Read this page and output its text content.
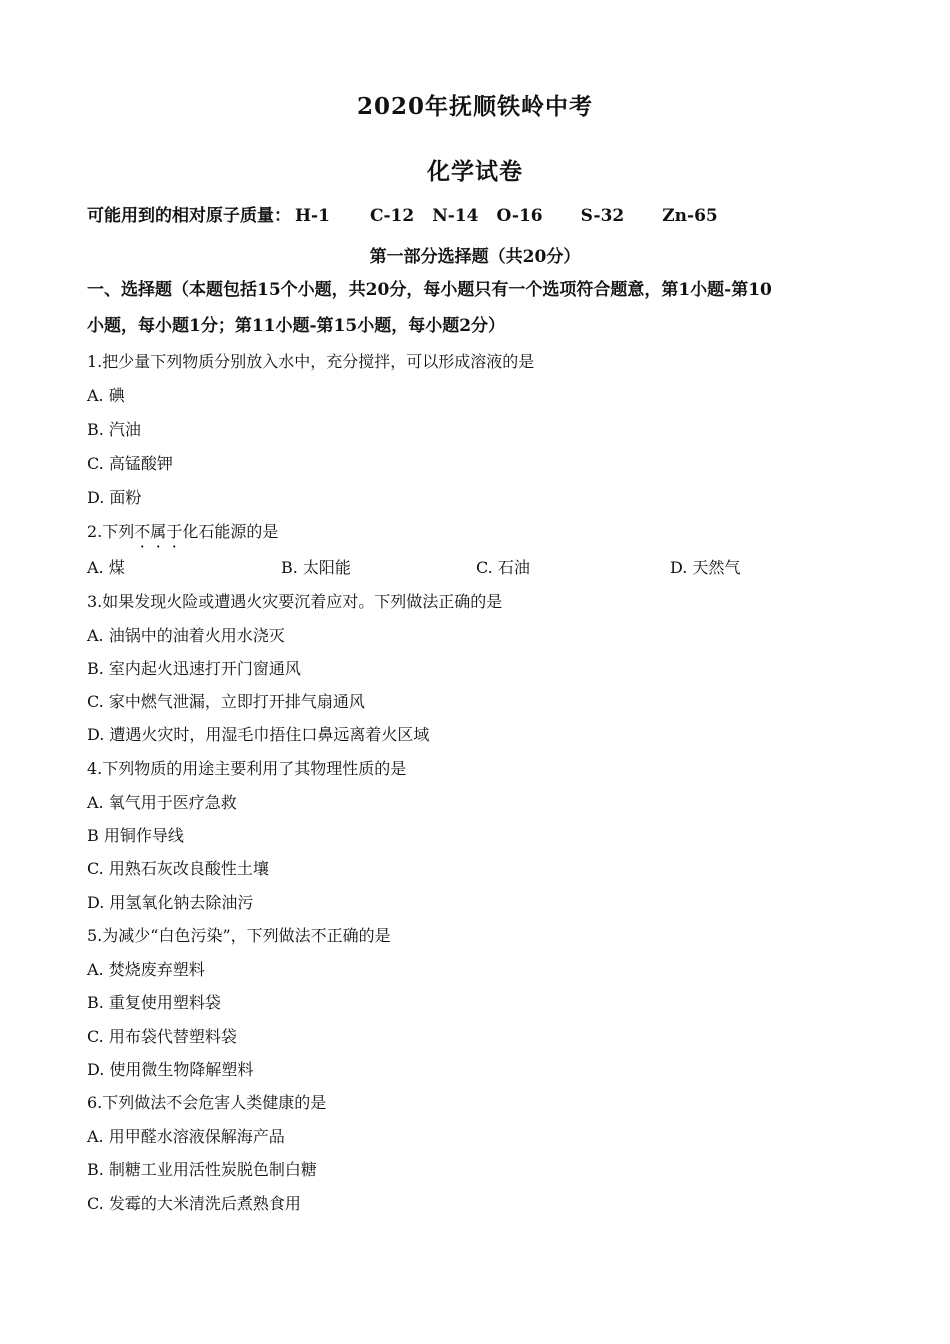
2020年抚顺铁岭中考
化学试卷
可能用到的相对原子质量： H-1 C-12 N-14 O-16 S-32 Zn-65
第一部分选择题（共20分）
一、选择题（本题包括15个小题，共20分，每小题只有一个选项符合题意，第1小题-第10
小题，每小题1分；第11小题-第15小题，每小题2分）
1.把少量下列物质分别放入水中，充分搅拌，可以形成溶液的是
A. 碘
B. 汽油
C. 高锰酸钾
D. 面粉
2.下列不属于化石能源的是
A. 煤	B. 太阳能	C. 石油	D. 天然气
3.如果发现火险或遭遇火灾要沉着应对。下列做法正确的是
A. 油锅中的油着火用水浇灭
B. 室内起火迅速打开门窗通风
C. 家中燃气泄漏，立即打开排气扇通风
D. 遭遇火灾时，用湿毛巾捂住口鼻远离着火区域
4.下列物质的用途主要利用了其物理性质的是
A. 氧气用于医疗急救
B 用铜作导线
C. 用熟石灰改良酸性土壤
D. 用氢氧化钠去除油污
5.为减少“白色污染”，下列做法不正确的是
A. 焚烧废弃塑料
B. 重复使用塑料袋
C. 用布袋代替塑料袋
D. 使用微生物降解塑料
6.下列做法不会危害人类健康的是
A. 用甲醛水溶液保解海产品
B. 制糖工业用活性炭脱色制白糖
C. 发霉的大米清洗后煮熟食用
